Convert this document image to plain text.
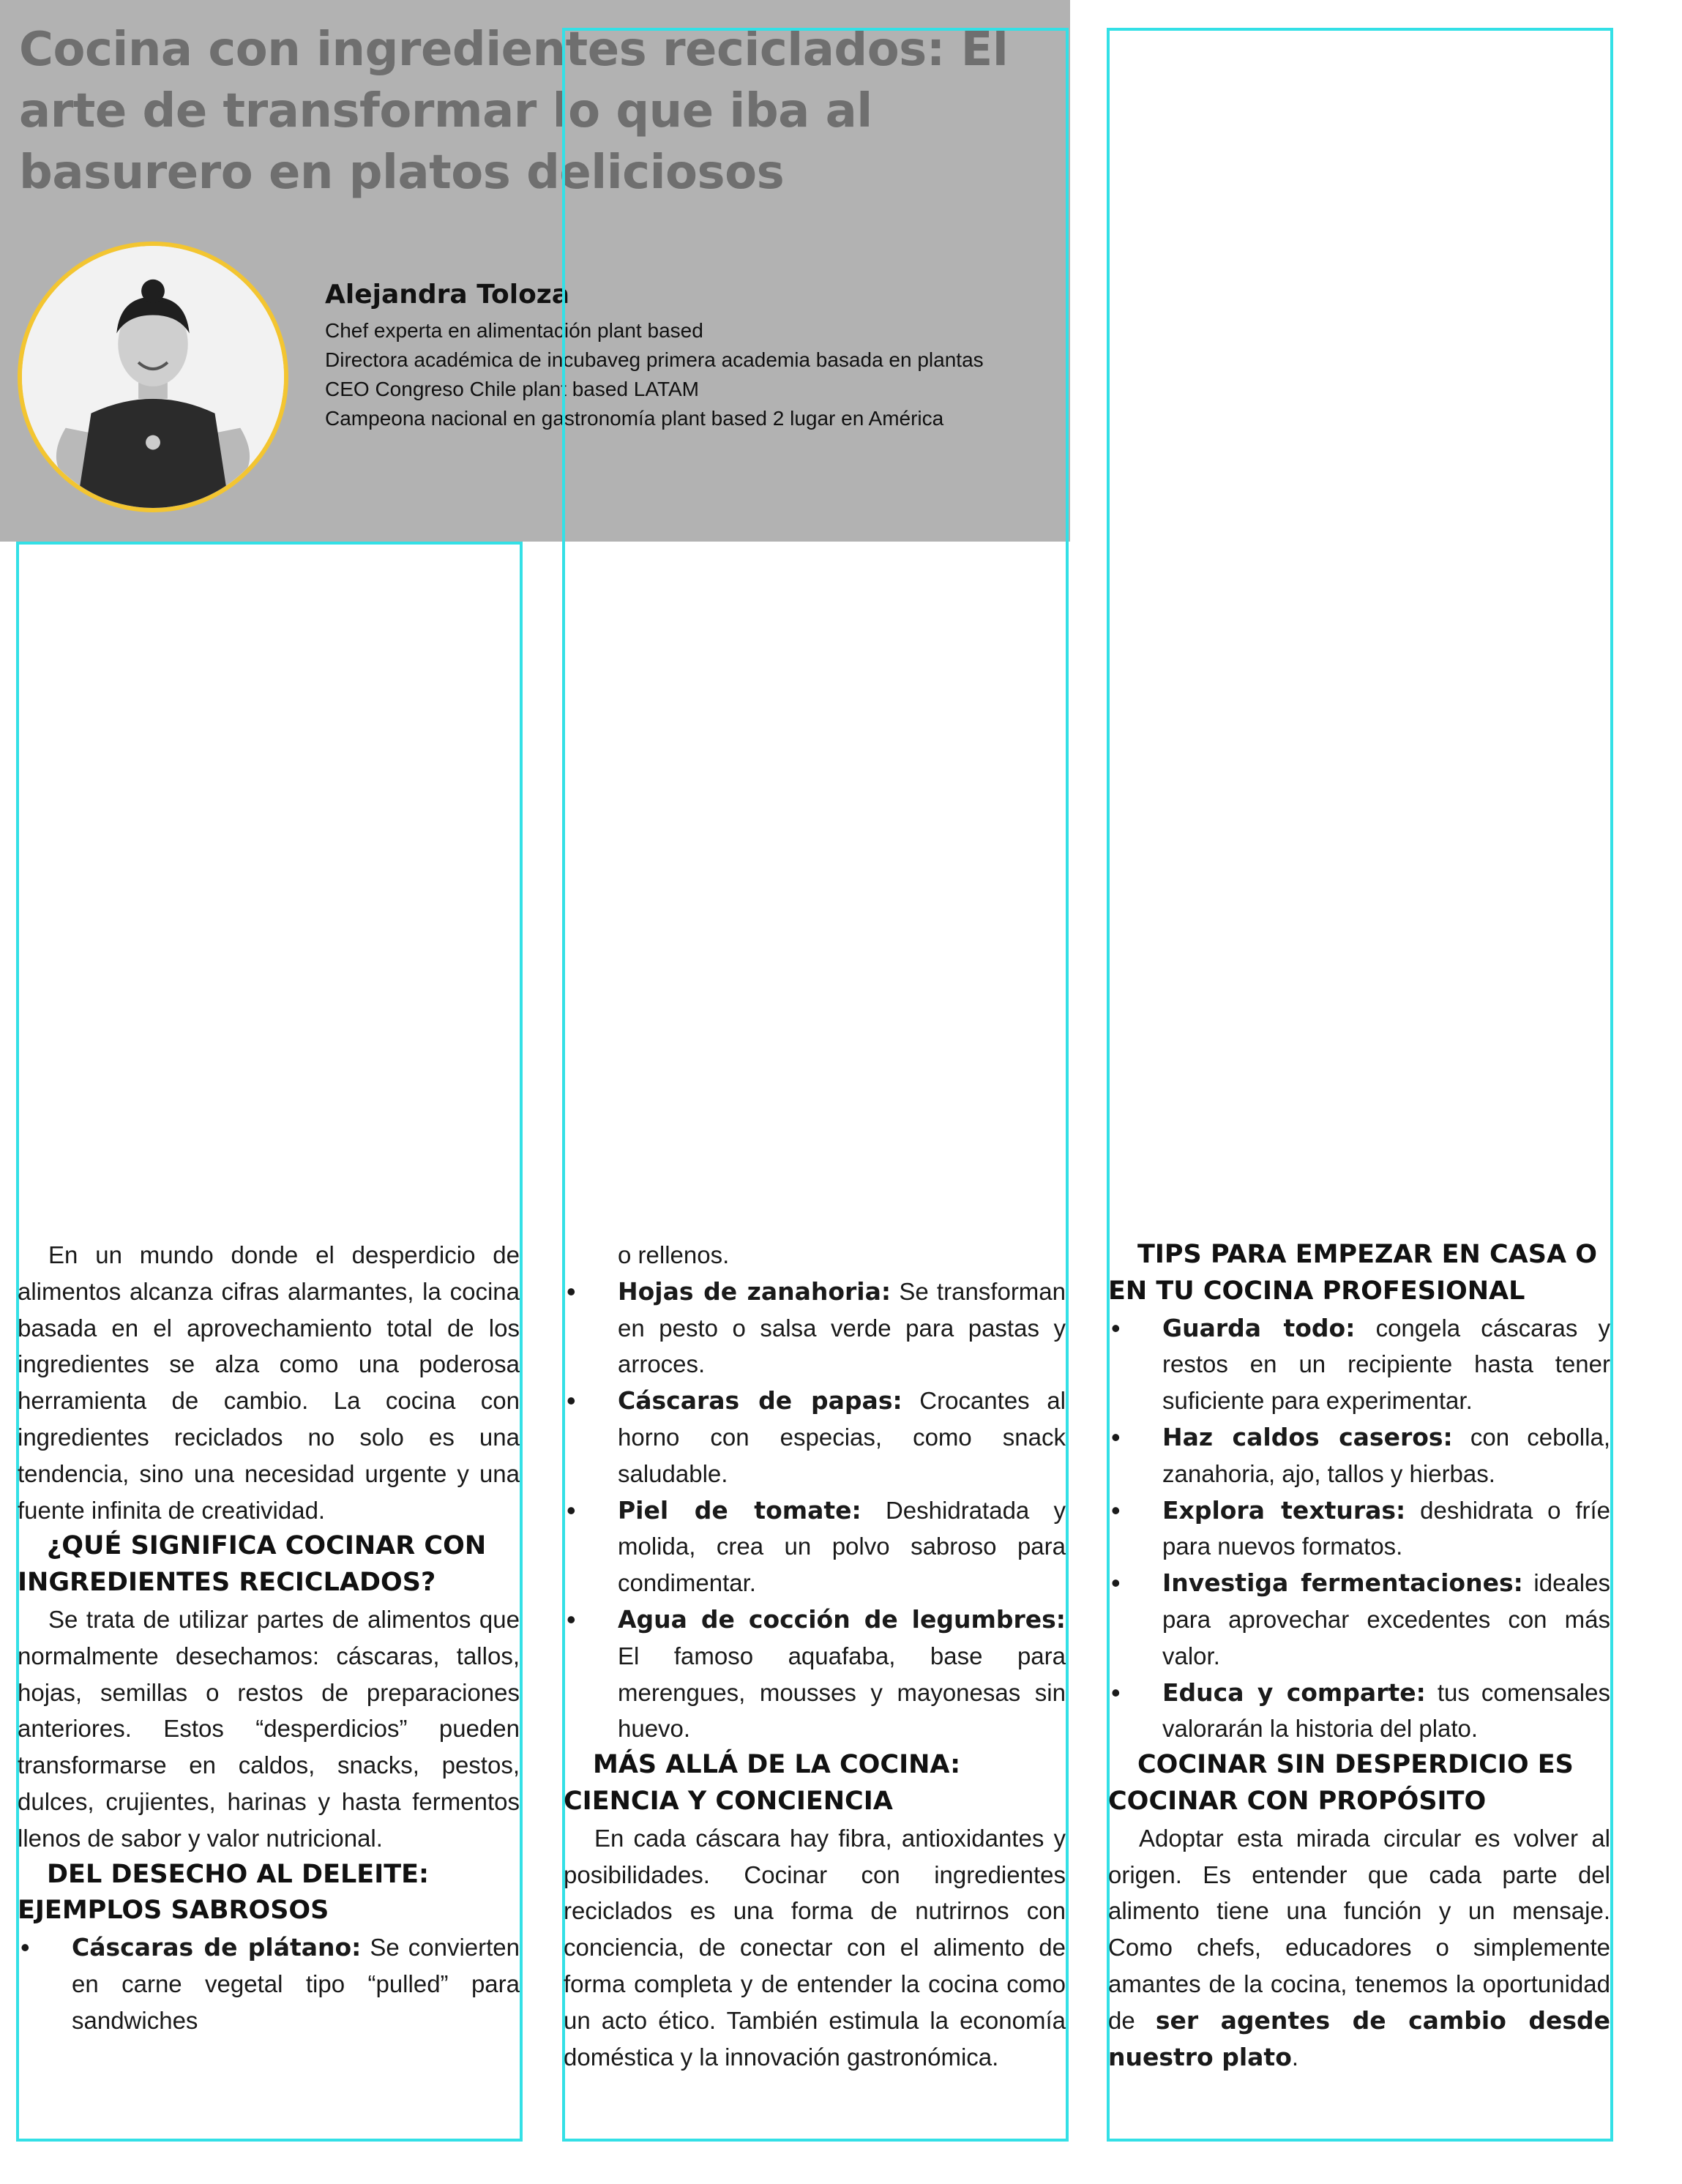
Cocina con ingredientes reciclados: El arte de transformar lo que iba al basurero en platos deliciosos
Alejandra Toloza
Chef experta en alimentación plant based
Directora académica de incubaveg primera academia basada en plantas
CEO Congreso Chile plant based LATAM
Campeona nacional en gastronomía plant based 2 lugar en América

En un mundo donde el desperdicio de alimentos alcanza cifras alarmantes, la cocina basada en el aprovechamiento total de los ingredientes se alza como una poderosa herramienta de cambio. La cocina con ingredientes reciclados no solo es una tendencia, sino una necesidad urgente y una fuente infinita de creatividad.

¿QUÉ SIGNIFICA COCINAR CON INGREDIENTES RECICLADOS?

Se trata de utilizar partes de alimentos que normalmente desechamos: cáscaras, tallos, hojas, semillas o restos de preparaciones anteriores. Estos “desperdicios” pueden transformarse en caldos, snacks, pestos, dulces, crujientes, harinas y hasta fermentos llenos de sabor y valor nutricional.

DEL DESECHO AL DELEITE: EJEMPLOS SABROSOS
• Cáscaras de plátano: Se convierten en carne vegetal tipo “pulled” para sandwiches

o rellenos.

• Hojas de zanahoria: Se transforman en pesto o salsa verde para pastas y arroces.
• Cáscaras de papas: Crocantes al horno con especias, como snack saludable.
• Piel de tomate: Deshidratada y molida, crea un polvo sabroso para condimentar.
• Agua de cocción de legumbres: El famoso aquafaba, base para merengues, mousses y mayonesas sin huevo.
MÁS ALLÁ DE LA COCINA: CIENCIA Y CONCIENCIA

En cada cáscara hay fibra, antioxidantes y posibilidades. Cocinar con ingredientes reciclados es una forma de nutrirnos con conciencia, de conectar con el alimento de forma completa y de entender la cocina como un acto ético. También estimula la economía doméstica y la innovación gastronómica.

TIPS PARA EMPEZAR EN CASA O EN TU COCINA PROFESIONAL
• Guarda todo: congela cáscaras y restos en un recipiente hasta tener suficiente para experimentar.
• Haz caldos caseros: con cebolla, zanahoria, ajo, tallos y hierbas.
• Explora texturas: deshidrata o fríe para nuevos formatos.
• Investiga fermentaciones: ideales para aprovechar excedentes con más valor.
• Educa y comparte: tus comensales valorarán la historia del plato.
COCINAR SIN DESPERDICIO ES COCINAR CON PROPÓSITO

Adoptar esta mirada circular es volver al origen. Es entender que cada parte del alimento tiene una función y un mensaje. Como chefs, educadores o simplemente amantes de la cocina, tenemos la oportunidad de ser agentes de cambio desde nuestro plato.
